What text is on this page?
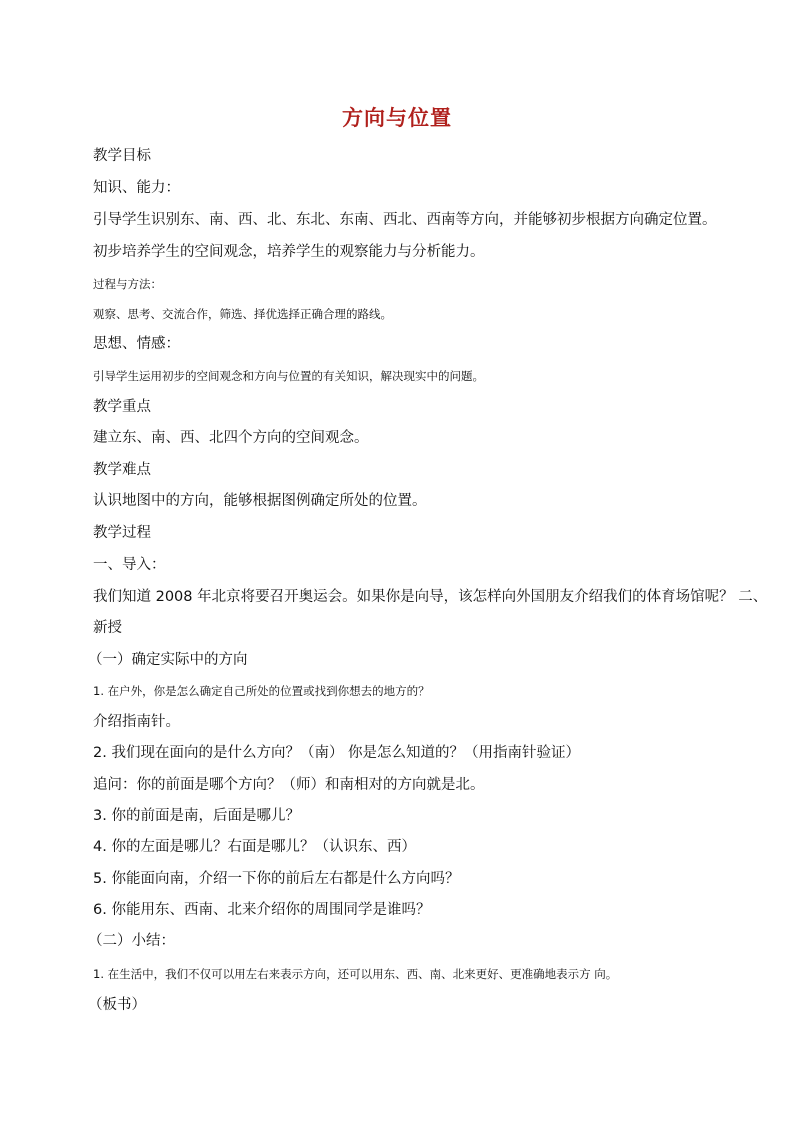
方向与位置
教学目标
知识、能力：
引导学生识别东、南、西、北、东北、东南、西北、西南等方向，并能够初步根据方向确定位置。
初步培养学生的空间观念，培养学生的观察能力与分析能力。
过程与方法：
观察、思考、交流合作，筛选、择优选择正确合理的路线。
思想、情感：
引导学生运用初步的空间观念和方向与位置的有关知识，解决现实中的问题。
教学重点
建立东、南、西、北四个方向的空间观念。
教学难点
认识地图中的方向，能够根据图例确定所处的位置。
教学过程
一、导入：
我们知道 2008 年北京将要召开奥运会。如果你是向导，该怎样向外国朋友介绍我们的体育场馆呢？ 二、
新授
（一）确定实际中的方向
1. 在户外，你是怎么确定自己所处的位置或找到你想去的地方的？
介绍指南针。
2. 我们现在面向的是什么方向？（南） 你是怎么知道的？（用指南针验证）
追问：你的前面是哪个方向？（师）和南相对的方向就是北。
3. 你的前面是南，后面是哪儿？
4. 你的左面是哪儿？右面是哪儿？（认识东、西）
5. 你能面向南，介绍一下你的前后左右都是什么方向吗？
6. 你能用东、西南、北来介绍你的周围同学是谁吗？
（二）小结：
1. 在生活中，我们不仅可以用左右来表示方向，还可以用东、西、南、北来更好、更准确地表示方 向。
（板书）
